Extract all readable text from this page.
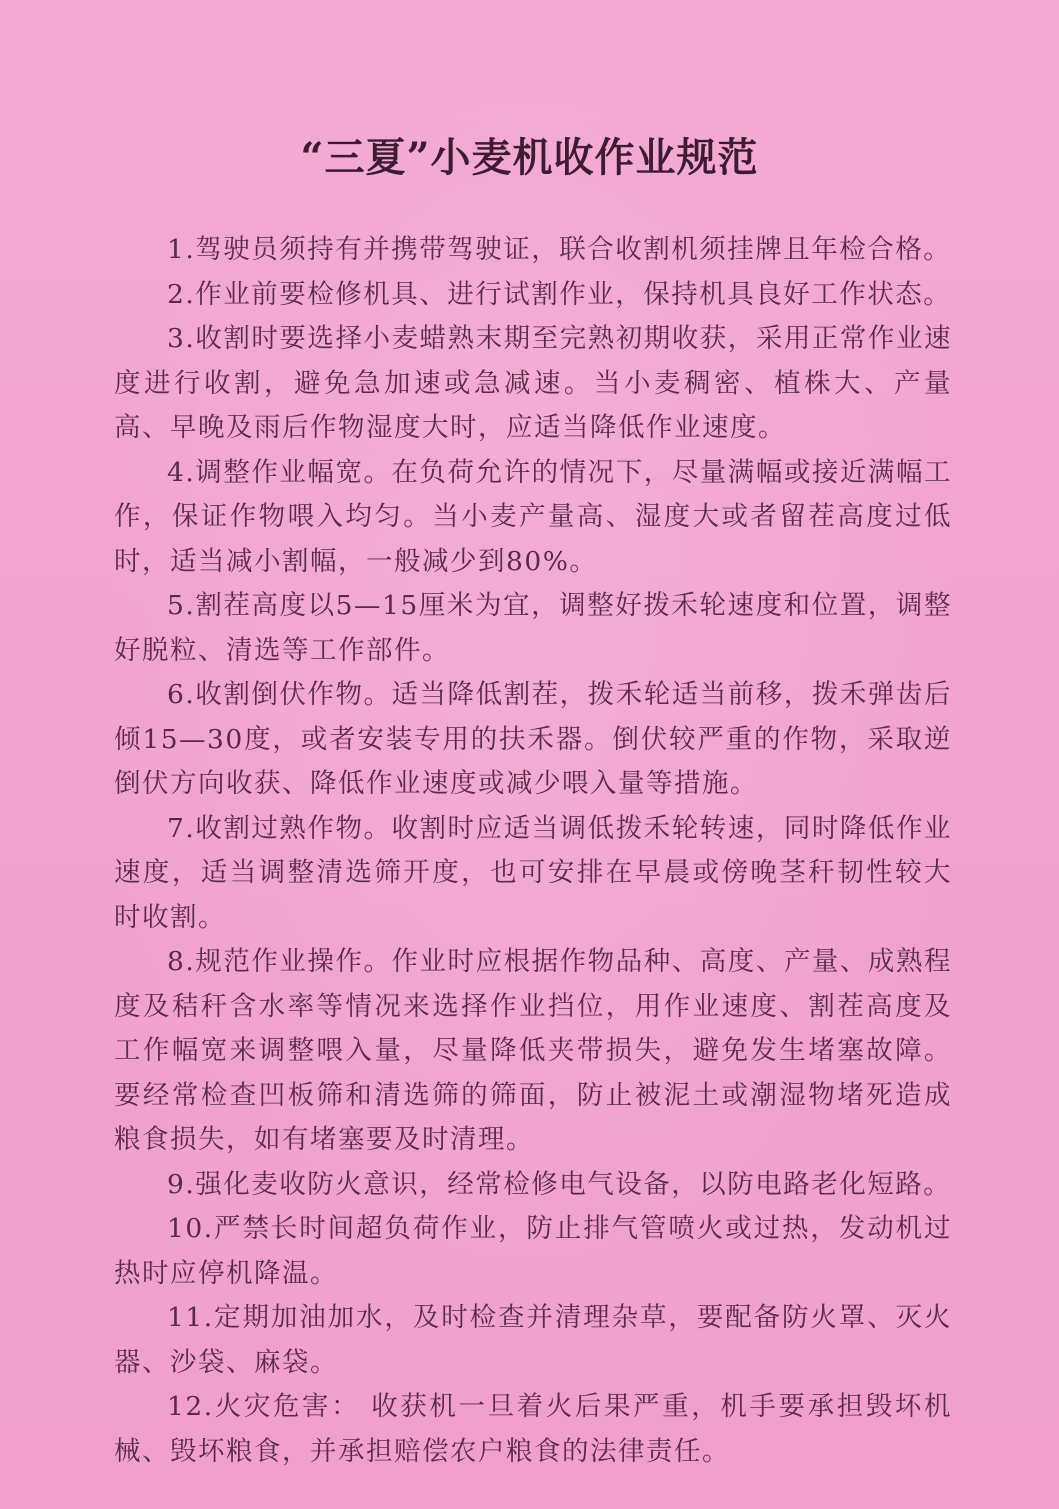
“三夏”小麦机收作业规范

1.驾驶员须持有并携带驾驶证，联合收割机须挂牌且年检合格。

2.作业前要检修机具、进行试割作业，保持机具良好工作状态。

3.收割时要选择小麦蜡熟末期至完熟初期收获，采用正常作业速度进行收割，避免急加速或急减速。当小麦稠密、植株大、产量高、早晚及雨后作物湿度大时，应适当降低作业速度。

4.调整作业幅宽。在负荷允许的情况下，尽量满幅或接近满幅工作，保证作物喂入均匀。当小麦产量高、湿度大或者留茬高度过低时，适当减小割幅，一般减少到80%。

5.割茬高度以5—15厘米为宜，调整好拨禾轮速度和位置，调整好脱粒、清选等工作部件。

6.收割倒伏作物。适当降低割茬，拨禾轮适当前移，拨禾弹齿后倾15—30度，或者安装专用的扶禾器。倒伏较严重的作物，采取逆倒伏方向收获、降低作业速度或减少喂入量等措施。

7.收割过熟作物。收割时应适当调低拨禾轮转速，同时降低作业速度，适当调整清选筛开度，也可安排在早晨或傍晚茎秆韧性较大时收割。

8.规范作业操作。作业时应根据作物品种、高度、产量、成熟程度及秸秆含水率等情况来选择作业挡位，用作业速度、割茬高度及工作幅宽来调整喂入量，尽量降低夹带损失，避免发生堵塞故障。要经常检查凹板筛和清选筛的筛面，防止被泥土或潮湿物堵死造成粮食损失，如有堵塞要及时清理。

9.强化麦收防火意识，经常检修电气设备，以防电路老化短路。

10.严禁长时间超负荷作业，防止排气管喷火或过热，发动机过热时应停机降温。

11.定期加油加水，及时检查并清理杂草，要配备防火罩、灭火器、沙袋、麻袋。

12.火灾危害： 收获机一旦着火后果严重，机手要承担毁坏机械、毁坏粮食，并承担赔偿农户粮食的法律责任。
